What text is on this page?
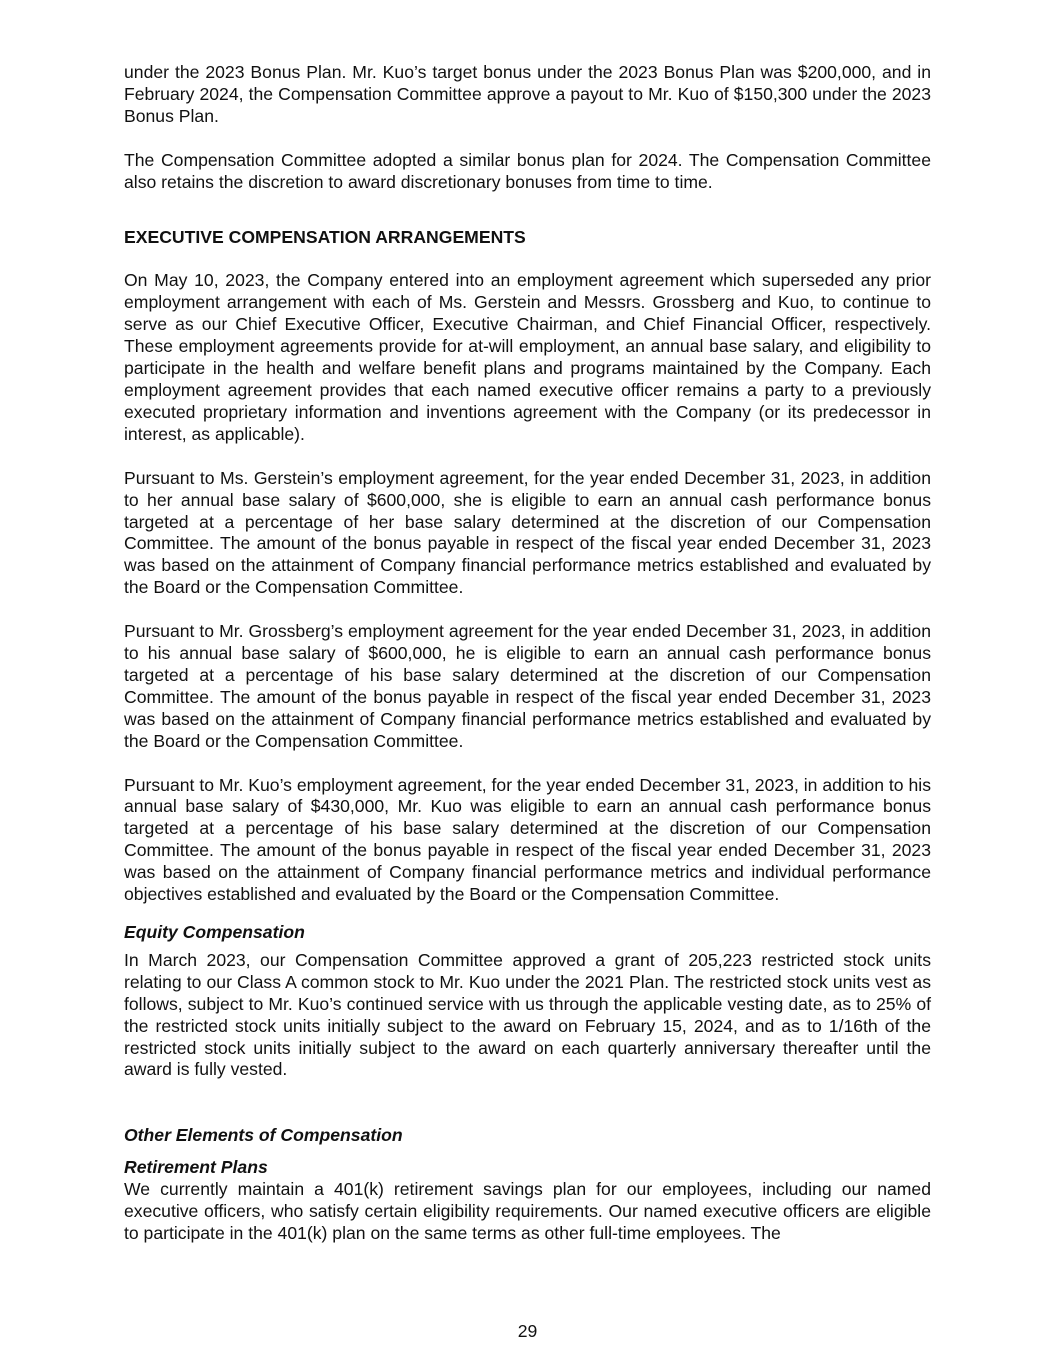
under the 2023 Bonus Plan. Mr. Kuo’s target bonus under the 2023 Bonus Plan was $200,000, and in February 2024, the Compensation Committee approve a payout to Mr. Kuo of $150,300 under the 2023 Bonus Plan.

The Compensation Committee adopted a similar bonus plan for 2024. The Compensation Committee also retains the discretion to award discretionary bonuses from time to time.

EXECUTIVE COMPENSATION ARRANGEMENTS

On May 10, 2023, the Company entered into an employment agreement which superseded any prior employment arrangement with each of Ms. Gerstein and Messrs. Grossberg and Kuo, to continue to serve as our Chief Executive Officer, Executive Chairman, and Chief Financial Officer, respectively. These employment agreements provide for at-will employment, an annual base salary, and eligibility to participate in the health and welfare benefit plans and programs maintained by the Company. Each employment agreement provides that each named executive officer remains a party to a previously executed proprietary information and inventions agreement with the Company (or its predecessor in interest, as applicable).

Pursuant to Ms. Gerstein’s employment agreement, for the year ended December 31, 2023, in addition to her annual base salary of $600,000, she is eligible to earn an annual cash performance bonus targeted at a percentage of her base salary determined at the discretion of our Compensation Committee. The amount of the bonus payable in respect of the fiscal year ended December 31, 2023 was based on the attainment of Company financial performance metrics established and evaluated by the Board or the Compensation Committee.

Pursuant to Mr. Grossberg’s employment agreement for the year ended December 31, 2023, in addition to his annual base salary of $600,000, he is eligible to earn an annual cash performance bonus targeted at a percentage of his base salary determined at the discretion of our Compensation Committee. The amount of the bonus payable in respect of the fiscal year ended December 31, 2023 was based on the attainment of Company financial performance metrics established and evaluated by the Board or the Compensation Committee.

Pursuant to Mr. Kuo’s employment agreement, for the year ended December 31, 2023, in addition to his annual base salary of $430,000, Mr. Kuo was eligible to earn an annual cash performance bonus targeted at a percentage of his base salary determined at the discretion of our Compensation Committee. The amount of the bonus payable in respect of the fiscal year ended December 31, 2023 was based on the attainment of Company financial performance metrics and individual performance objectives established and evaluated by the Board or the Compensation Committee.

Equity Compensation

In March 2023, our Compensation Committee approved a grant of 205,223 restricted stock units relating to our Class A common stock to Mr. Kuo under the 2021 Plan. The restricted stock units vest as follows, subject to Mr. Kuo’s continued service with us through the applicable vesting date, as to 25% of the restricted stock units initially subject to the award on February 15, 2024, and as to 1/16th of the restricted stock units initially subject to the award on each quarterly anniversary thereafter until the award is fully vested.

Other Elements of Compensation
Retirement Plans

We currently maintain a 401(k) retirement savings plan for our employees, including our named executive officers, who satisfy certain eligibility requirements. Our named executive officers are eligible to participate in the 401(k) plan on the same terms as other full-time employees. The

29
